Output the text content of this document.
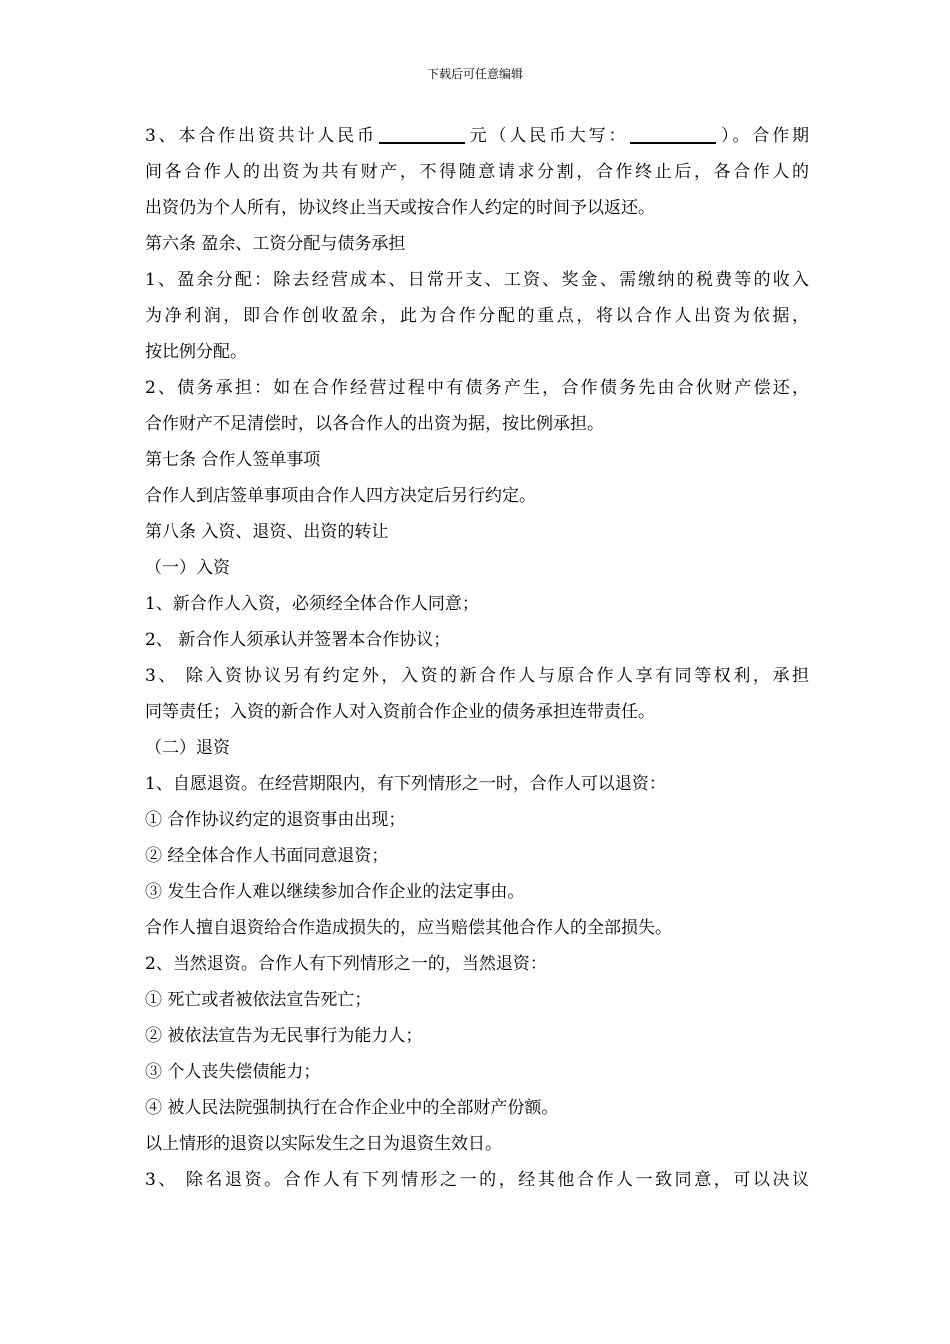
下载后可任意编辑

3、本合作出资共计人民币	元（人民币大写：	）。合作期

间各合作人的出资为共有财产，不得随意请求分割，合作终止后，各合作人的

出资仍为个人所有，协议终止当天或按合作人约定的时间予以返还。

第六条 盈余、工资分配与债务承担

1、盈余分配：除去经营成本、日常开支、工资、奖金、需缴纳的税费等的收入

为净利润，即合作创收盈余，此为合作分配的重点，将以合作人出资为依据，

按比例分配。

2、债务承担：如在合作经营过程中有债务产生，合作债务先由合伙财产偿还，

合作财产不足清偿时，以各合作人的出资为据，按比例承担。

第七条 合作人签单事项

合作人到店签单事项由合作人四方决定后另行约定。

第八条 入资、退资、出资的转让

（一）入资

1、新合作人入资，必须经全体合作人同意；

2、 新合作人须承认并签署本合作协议；

3、 除入资协议另有约定外，入资的新合作人与原合作人享有同等权利，承担

同等责任；入资的新合作人对入资前合作企业的债务承担连带责任。

（二）退资

1、自愿退资。在经营期限内，有下列情形之一时，合作人可以退资：

① 合作协议约定的退资事由出现；

② 经全体合作人书面同意退资；

③ 发生合作人难以继续参加合作企业的法定事由。

合作人擅自退资给合作造成损失的，应当赔偿其他合作人的全部损失。

2、当然退资。合作人有下列情形之一的，当然退资：

① 死亡或者被依法宣告死亡；

② 被依法宣告为无民事行为能力人；

③ 个人丧失偿债能力；

④ 被人民法院强制执行在合作企业中的全部财产份额。

以上情形的退资以实际发生之日为退资生效日。

3、 除名退资。合作人有下列情形之一的，经其他合作人一致同意，可以决议
